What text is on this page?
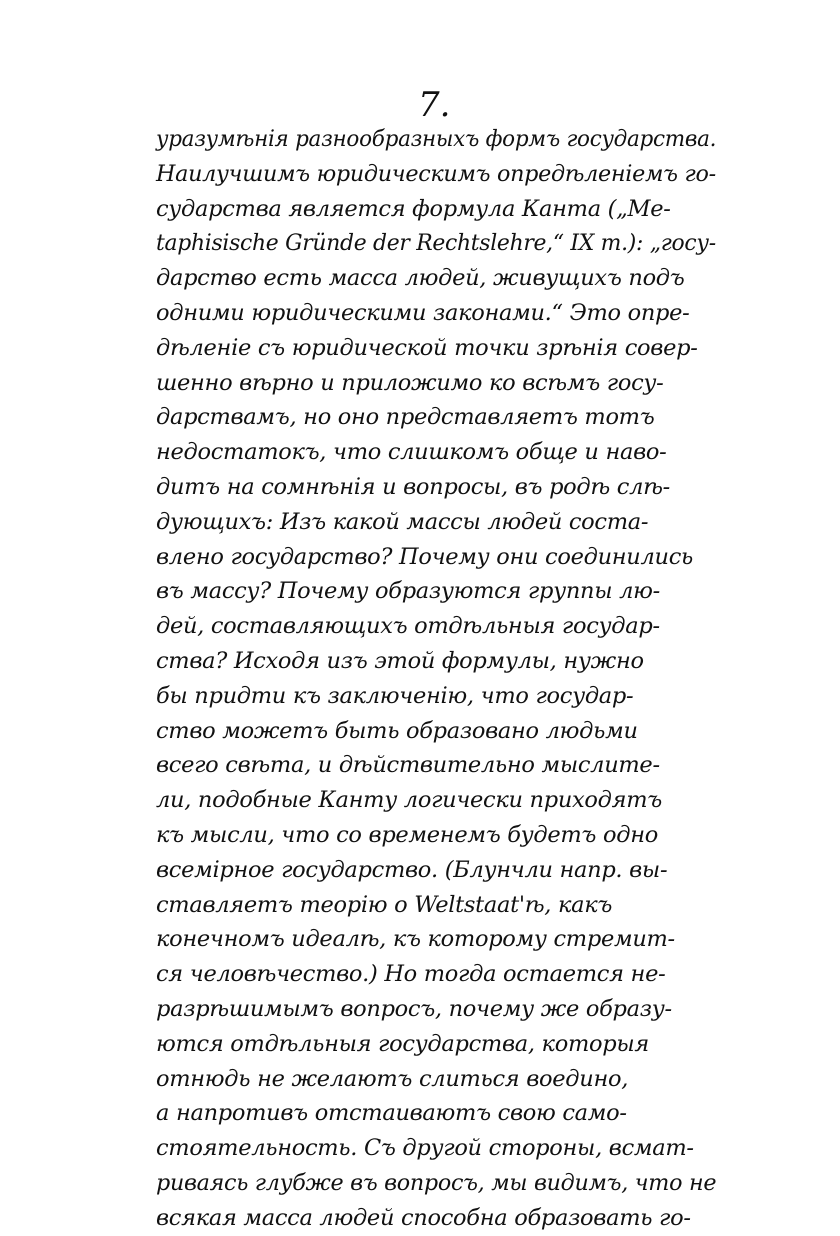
7.
уразумѣнія разнообразныхъ формъ государства.
Наилучшимъ юридическимъ опредѣленіемъ го-
сударства является формула Канта („Me-
taphisische Gründe der Rechtslehre,“ IX т.): „госу-
дарство есть масса людей, живущихъ подъ
одними юридическими законами.“ Это опре-
дѣленіе съ юридической точки зрѣнія совер-
шенно вѣрно и приложимо ко всѣмъ госу-
дарствамъ, но оно представляетъ тотъ
недостатокъ, что слишкомъ обще и наво-
дитъ на сомнѣнія и вопросы, въ родѣ слѣ-
дующихъ: Изъ какой массы людей соста-
влено государство? Почему они соединились
въ массу? Почему образуются группы лю-
дей, составляющихъ отдѣльныя государ-
ства? Исходя изъ этой формулы, нужно
бы придти къ заключенію, что государ-
ство можетъ быть образовано людьми
всего свѣта, и дѣйствительно мыслите-
ли, подобные Канту логически приходятъ
къ мысли, что со временемъ будетъ одно
всемірное государство. (Блунчли напр. вы-
ставляетъ теорію о Weltstaat'ѣ, какъ
конечномъ идеалѣ, къ которому стремит-
ся человѣчество.) Но тогда остается не-
разрѣшимымъ вопросъ, почему же образу-
ются отдѣльныя государства, которыя
отнюдь не желаютъ слиться воедино,
а напротивъ отстаиваютъ свою само-
стоятельность. Съ другой стороны, всмат-
риваясь глубже въ вопросъ, мы видимъ, что не
всякая масса людей способна образовать го-
